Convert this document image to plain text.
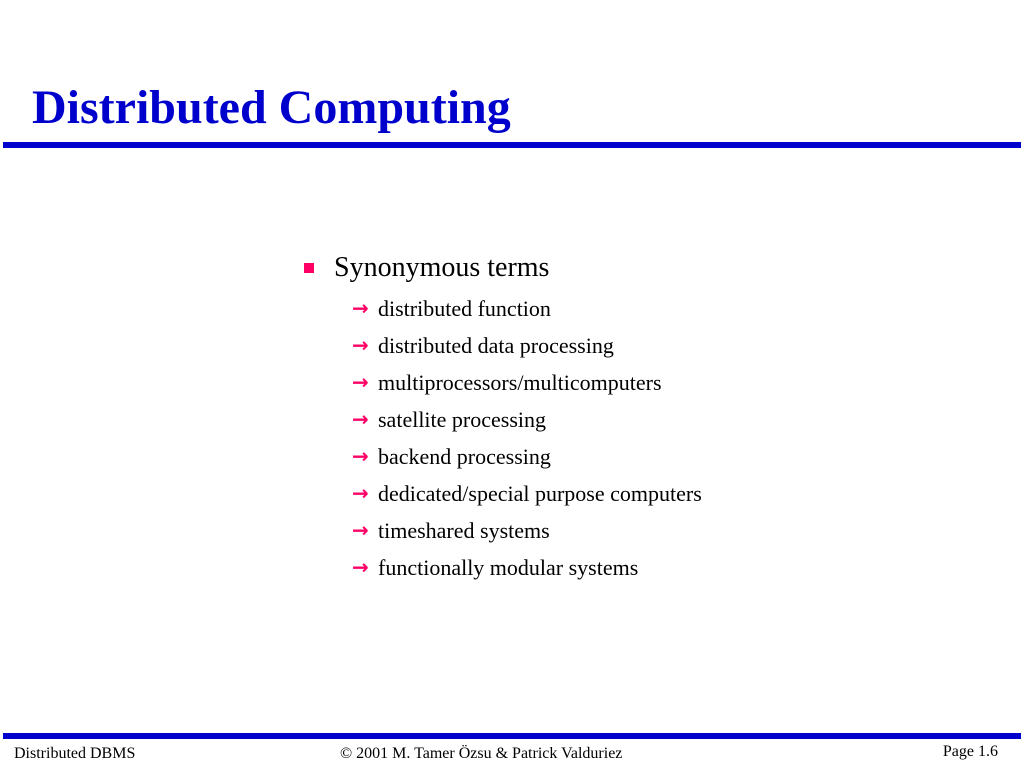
Distributed Computing
Synonymous terms
→ distributed function
→ distributed data processing
→ multiprocessors/multicomputers
→ satellite processing
→ backend processing
→ dedicated/special purpose computers
→ timeshared systems
→ functionally modular systems
Distributed DBMS	© 2001 M. Tamer Özsu & Patrick Valduriez	Page 1.6
